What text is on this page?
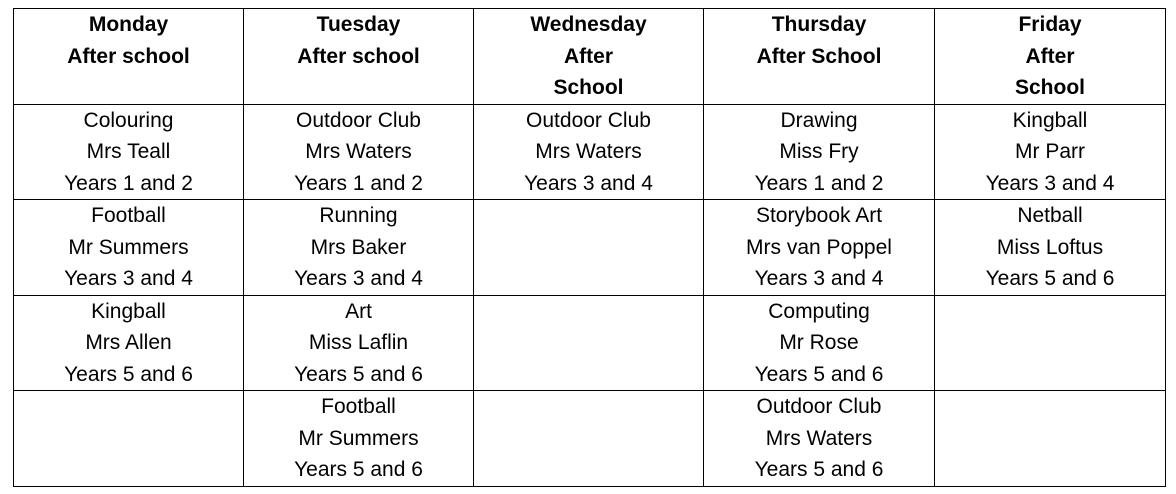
Monday
After school	Tuesday
After school	Wednesday
After
School	Thursday
After School	Friday
After
School

Colouring
Mrs Teall
Years 1 and 2	Outdoor Club
Mrs Waters
Years 1 and 2	Outdoor Club
Mrs Waters
Years 3 and 4	Drawing
Miss Fry
Years 1 and 2	Kingball
Mr Parr
Years 3 and 4

Football
Mr Summers
Years 3 and 4	Running
Mrs Baker
Years 3 and 4		Storybook Art
Mrs van Poppel
Years 3 and 4	Netball
Miss Loftus
Years 5 and 6

Kingball
Mrs Allen
Years 5 and 6	Art
Miss Laflin
Years 5 and 6		Computing
Mr Rose
Years 5 and 6	

	Football
Mr Summers
Years 5 and 6		Outdoor Club
Mrs Waters
Years 5 and 6	
